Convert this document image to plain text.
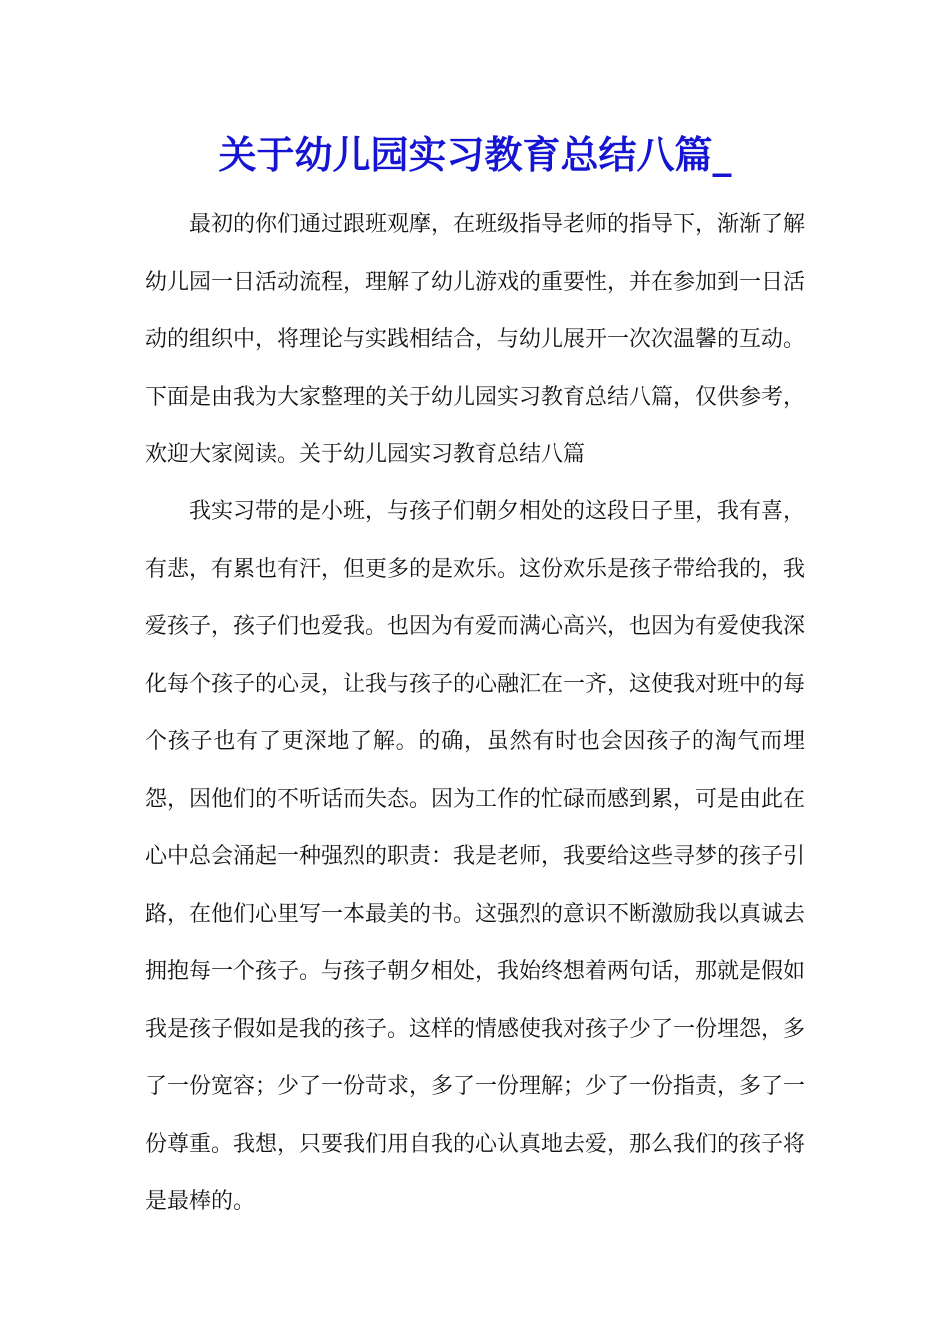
关于幼儿园实习教育总结八篇_

最初的你们通过跟班观摩，在班级指导老师的指导下，渐渐了解幼儿园一日活动流程，理解了幼儿游戏的重要性，并在参加到一日活动的组织中，将理论与实践相结合，与幼儿展开一次次温馨的互动。下面是由我为大家整理的关于幼儿园实习教育总结八篇，仅供参考，欢迎大家阅读。关于幼儿园实习教育总结八篇

我实习带的是小班，与孩子们朝夕相处的这段日子里，我有喜，有悲，有累也有汗，但更多的是欢乐。这份欢乐是孩子带给我的，我爱孩子，孩子们也爱我。也因为有爱而满心高兴，也因为有爱使我深化每个孩子的心灵，让我与孩子的心融汇在一齐，这使我对班中的每个孩子也有了更深地了解。的确，虽然有时也会因孩子的淘气而埋怨，因他们的不听话而失态。因为工作的忙碌而感到累，可是由此在心中总会涌起一种强烈的职责：我是老师，我要给这些寻梦的孩子引路，在他们心里写一本最美的书。这强烈的意识不断激励我以真诚去拥抱每一个孩子。与孩子朝夕相处，我始终想着两句话，那就是假如我是孩子假如是我的孩子。这样的情感使我对孩子少了一份埋怨，多了一份宽容；少了一份苛求，多了一份理解；少了一份指责，多了一份尊重。我想，只要我们用自我的心认真地去爱，那么我们的孩子将是最棒的。
